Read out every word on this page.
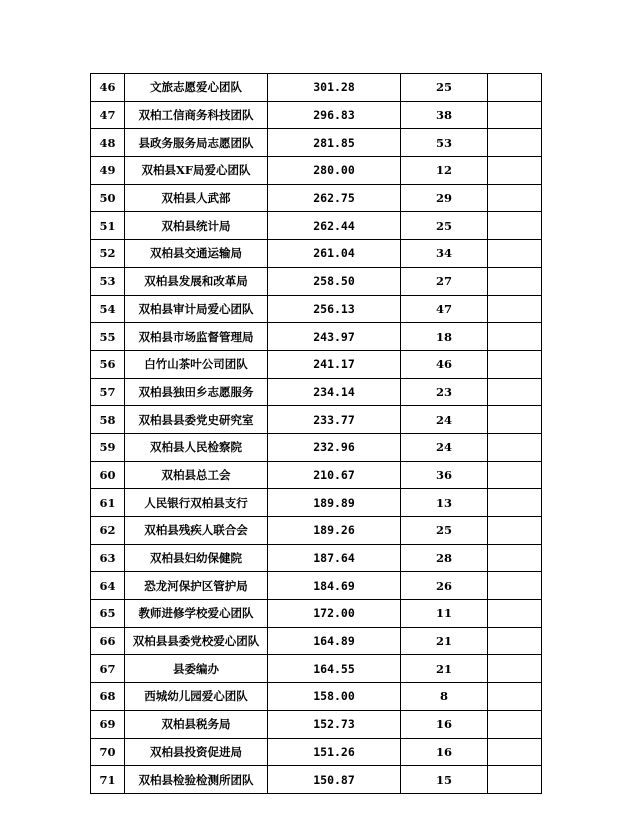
46	文旅志愿爱心团队	301.28	25	
47	双柏工信商务科技团队	296.83	38	
48	县政务服务局志愿团队	281.85	53	
49	双柏县XF局爱心团队	280.00	12	
50	双柏县人武部	262.75	29	
51	双柏县统计局	262.44	25	
52	双柏县交通运输局	261.04	34	
53	双柏县发展和改革局	258.50	27	
54	双柏县审计局爱心团队	256.13	47	
55	双柏县市场监督管理局	243.97	18	
56	白竹山茶叶公司团队	241.17	46	
57	双柏县独田乡志愿服务	234.14	23	
58	双柏县县委党史研究室	233.77	24	
59	双柏县人民检察院	232.96	24	
60	双柏县总工会	210.67	36	
61	人民银行双柏县支行	189.89	13	
62	双柏县残疾人联合会	189.26	25	
63	双柏县妇幼保健院	187.64	28	
64	恐龙河保护区管护局	184.69	26	
65	教师进修学校爱心团队	172.00	11	
66	双柏县县委党校爱心团队	164.89	21	
67	县委编办	164.55	21	
68	西城幼儿园爱心团队	158.00	8	
69	双柏县税务局	152.73	16	
70	双柏县投资促进局	151.26	16	
71	双柏县检验检测所团队	150.87	15	
